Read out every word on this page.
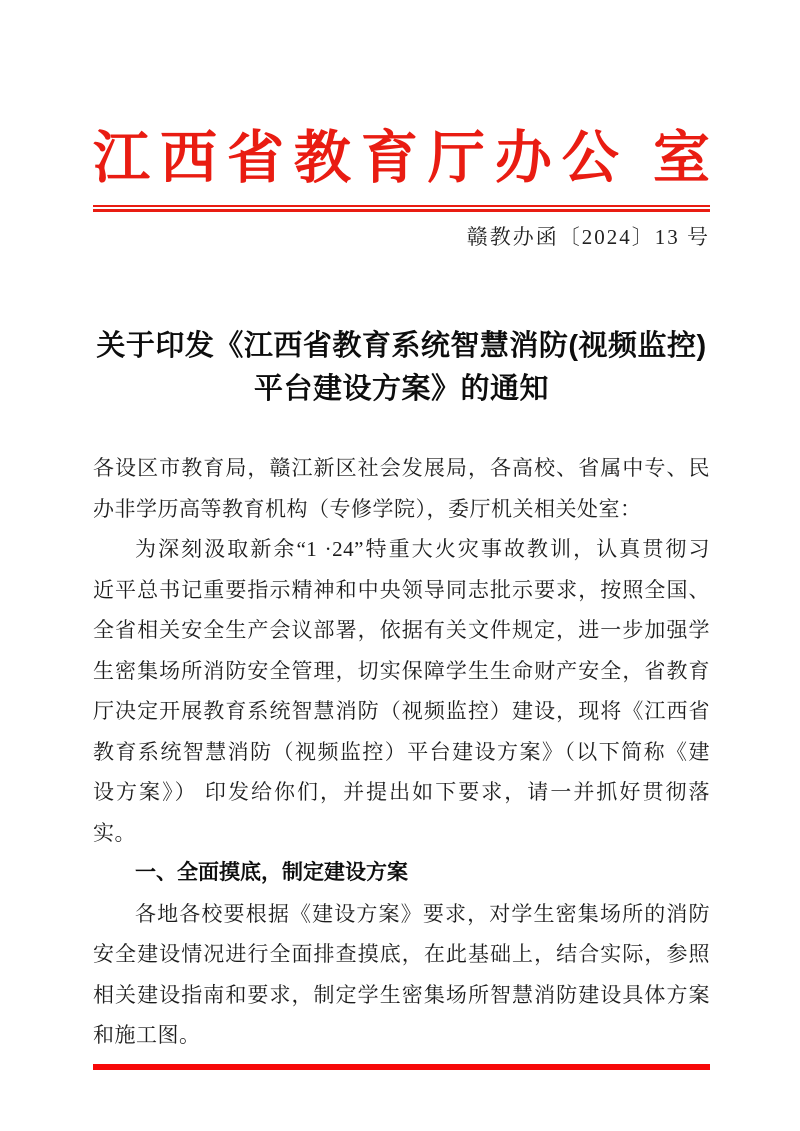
江西省教育厅办公 室
赣教办函〔2024〕13 号
关于印发《江西省教育系统智慧消防(视频监控)
平台建设方案》的通知
各设区市教育局，赣江新区社会发展局，各高校、省属中专、民
办非学历高等教育机构（专修学院），委厅机关相关处室：
为深刻汲取新余“1 ·24”特重大火灾事故教训，认真贯彻习
近平总书记重要指示精神和中央领导同志批示要求，按照全国、
全省相关安全生产会议部署，依据有关文件规定，进一步加强学
生密集场所消防安全管理，切实保障学生生命财产安全，省教育
厅决定开展教育系统智慧消防（视频监控）建设，现将《江西省
教育系统智慧消防（视频监控）平台建设方案》（以下简称《建
设方案》） 印发给你们，并提出如下要求，请一并抓好贯彻落实。
一、全面摸底，制定建设方案
各地各校要根据《建设方案》要求，对学生密集场所的消防
安全建设情况进行全面排查摸底，在此基础上，结合实际，参照
相关建设指南和要求，制定学生密集场所智慧消防建设具体方案
和施工图。
